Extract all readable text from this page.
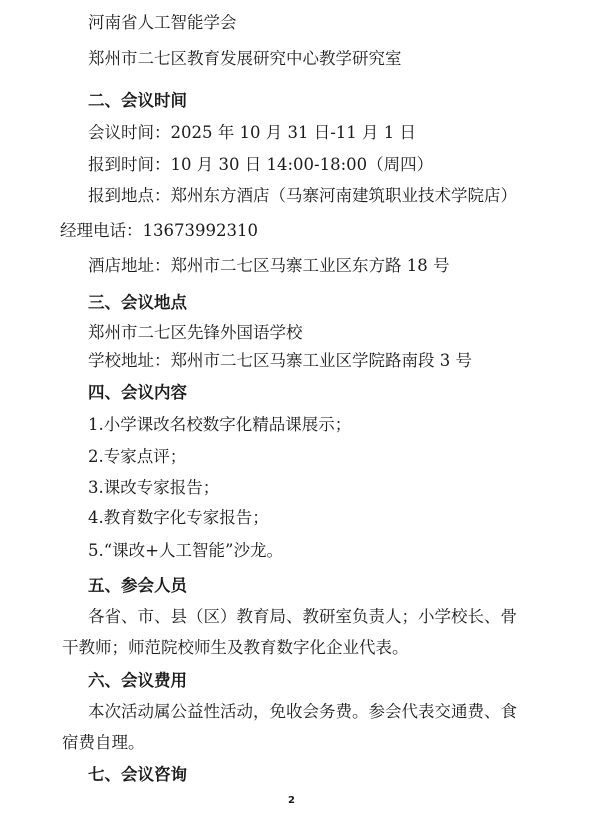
河南省人工智能学会
郑州市二七区教育发展研究中心教学研究室
二、会议时间
会议时间：2025 年 10 月 31 日-11 月 1 日
报到时间：10 月 30 日 14:00-18:00（周四）
报到地点：郑州东方酒店（马寨河南建筑职业技术学院店）
经理电话：13673992310
酒店地址：郑州市二七区马寨工业区东方路 18 号
三、会议地点
郑州市二七区先锋外国语学校
学校地址：郑州市二七区马寨工业区学院路南段 3 号
四、会议内容
1.小学课改名校数字化精品课展示；
2.专家点评；
3.课改专家报告；
4.教育数字化专家报告；
5.“课改+人工智能”沙龙。
五、参会人员
各省、市、县（区）教育局、教研室负责人；小学校长、骨
干教师；师范院校师生及教育数字化企业代表。
六、会议费用
本次活动属公益性活动，免收会务费。参会代表交通费、食
宿费自理。
七、会议咨询
2
